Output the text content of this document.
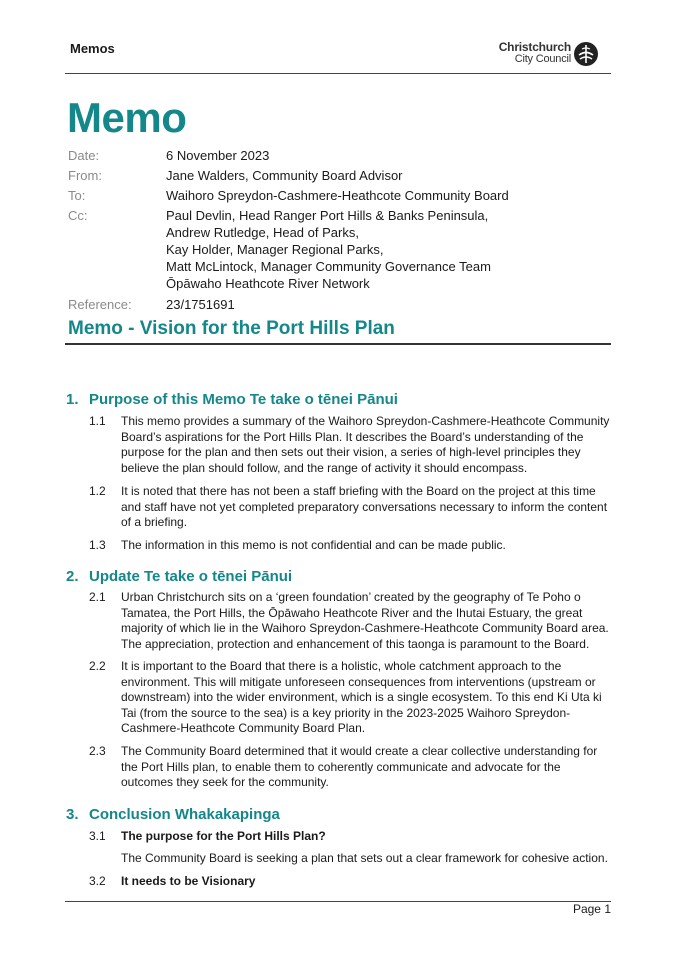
Memos	Christchurch
City Council
Memo
Date:	6 November 2023
From:	Jane Walders, Community Board Advisor
To:	Waihoro Spreydon-Cashmere-Heathcote Community Board
Cc:	Paul Devlin, Head Ranger Port Hills & Banks Peninsula,
Andrew Rutledge, Head of Parks,
Kay Holder, Manager Regional Parks,
Matt McLintock, Manager Community Governance Team
Ōpāwaho Heathcote River Network
Reference:	23/1751691
Memo - Vision for the Port Hills Plan
1. Purpose of this Memo Te take o tēnei Pānui
1.1 This memo provides a summary of the Waihoro Spreydon-Cashmere-Heathcote Community Board’s aspirations for the Port Hills Plan. It describes the Board’s understanding of the purpose for the plan and then sets out their vision, a series of high-level principles they believe the plan should follow, and the range of activity it should encompass.
1.2 It is noted that there has not been a staff briefing with the Board on the project at this time and staff have not yet completed preparatory conversations necessary to inform the content of a briefing.
1.3 The information in this memo is not confidential and can be made public.
2. Update Te take o tēnei Pānui
2.1 Urban Christchurch sits on a ‘green foundation’ created by the geography of Te Poho o Tamatea, the Port Hills, the Ōpāwaho Heathcote River and the Ihutai Estuary, the great majority of which lie in the Waihoro Spreydon-Cashmere-Heathcote Community Board area. The appreciation, protection and enhancement of this taonga is paramount to the Board.
2.2 It is important to the Board that there is a holistic, whole catchment approach to the environment. This will mitigate unforeseen consequences from interventions (upstream or downstream) into the wider environment, which is a single ecosystem. To this end Ki Uta ki Tai (from the source to the sea) is a key priority in the 2023-2025 Waihoro Spreydon-Cashmere-Heathcote Community Board Plan.
2.3 The Community Board determined that it would create a clear collective understanding for the Port Hills plan, to enable them to coherently communicate and advocate for the outcomes they seek for the community.
3. Conclusion Whakakapinga
3.1 The purpose for the Port Hills Plan?
The Community Board is seeking a plan that sets out a clear framework for cohesive action.
3.2 It needs to be Visionary
Page 1
